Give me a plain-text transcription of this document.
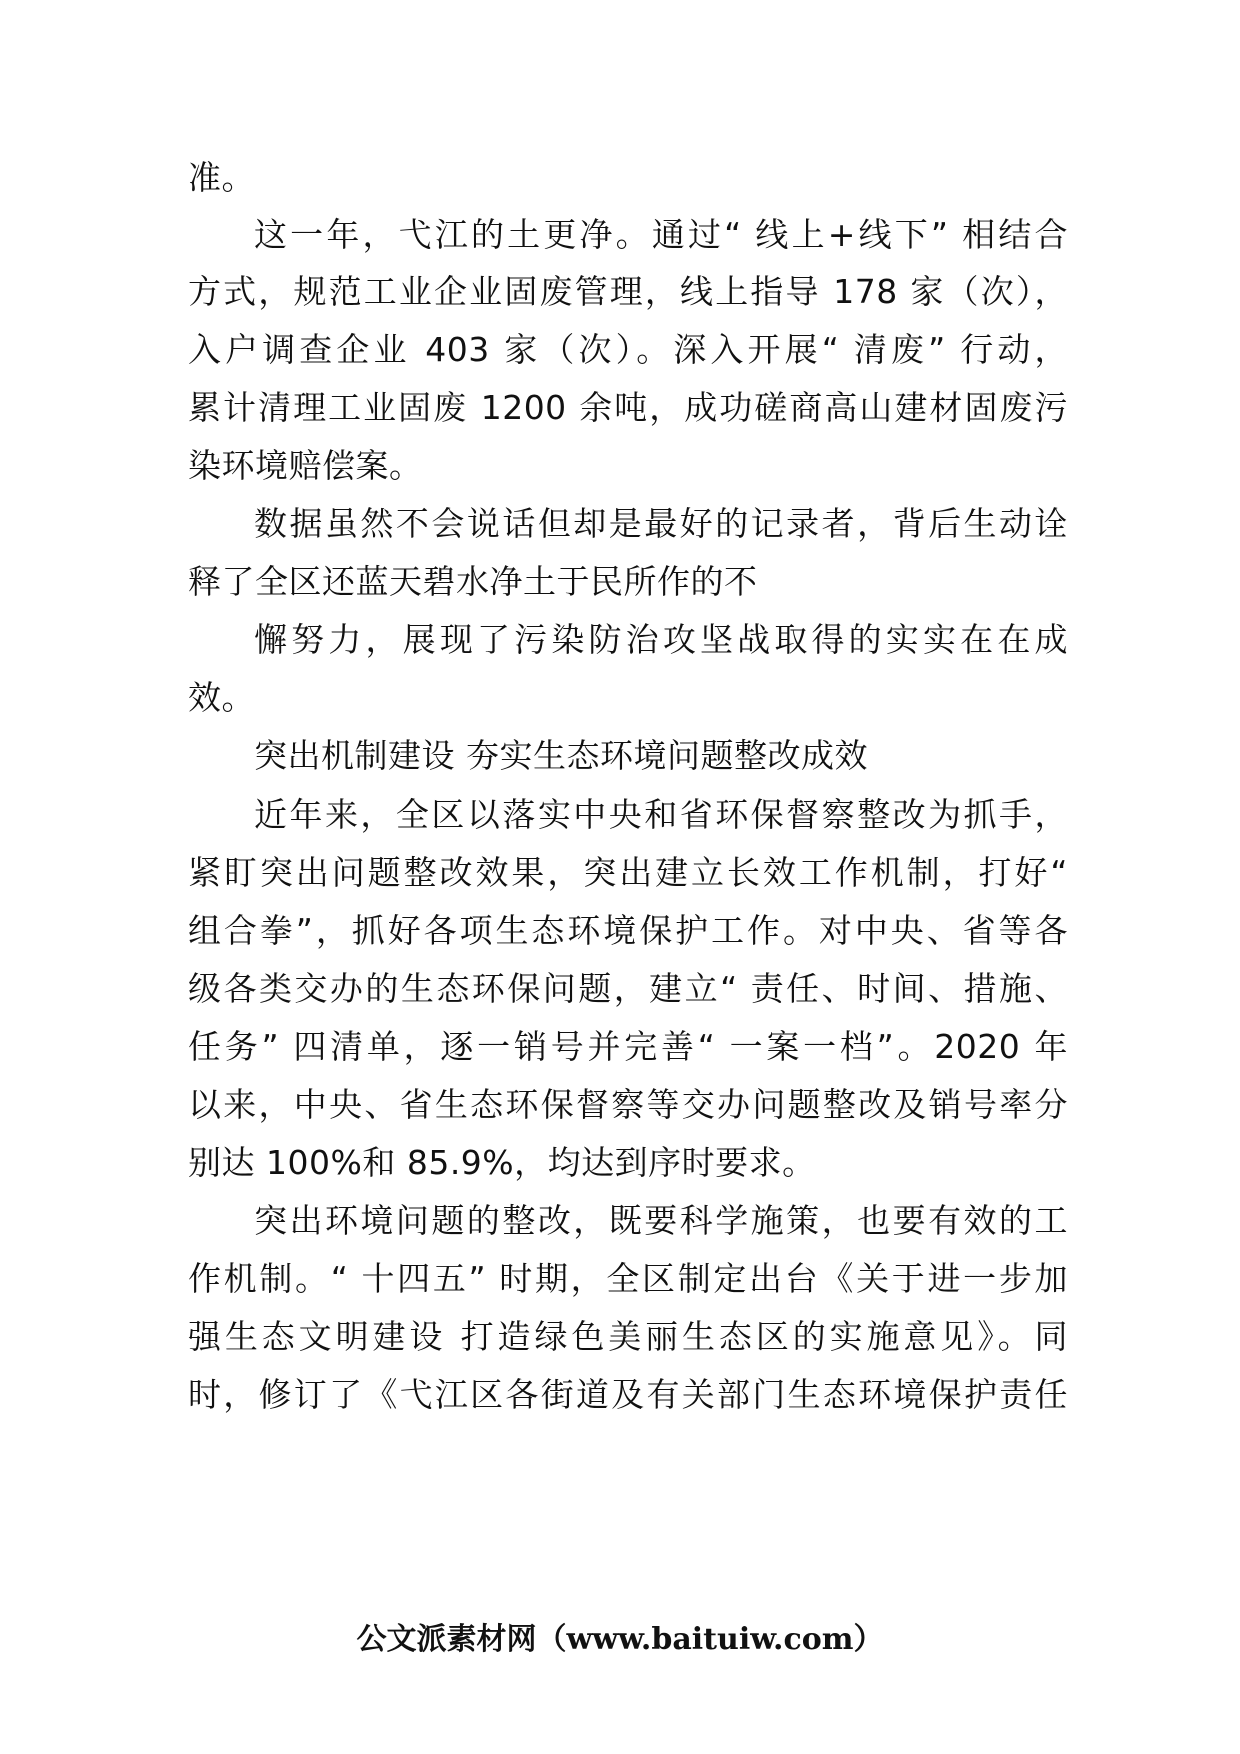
准。
这一年，弋江的土更净。通过“ 线上+线下” 相结合
方式，规范工业企业固废管理，线上指导 178 家（次），
入户调查企业 403 家（次）。深入开展“ 清废” 行动，
累计清理工业固废 1200 余吨，成功磋商高山建材固废污
染环境赔偿案。
数据虽然不会说话但却是最好的记录者，背后生动诠
释了全区还蓝天碧水净土于民所作的不
懈努力，展现了污染防治攻坚战取得的实实在在成
效。
突出机制建设 夯实生态环境问题整改成效
近年来，全区以落实中央和省环保督察整改为抓手，
紧盯突出问题整改效果，突出建立长效工作机制，打好“
组合拳”，抓好各项生态环境保护工作。对中央、省等各
级各类交办的生态环保问题，建立“ 责任、时间、措施、
任务” 四清单，逐一销号并完善“ 一案一档”。2020 年
以来，中央、省生态环保督察等交办问题整改及销号率分
别达 100%和 85.9%，均达到序时要求。
突出环境问题的整改，既要科学施策，也要有效的工
作机制。“ 十四五” 时期，全区制定出台《关于进一步加
强生态文明建设 打造绿色美丽生态区的实施意见》。同
时，修订了《弋江区各街道及有关部门生态环境保护责任
公文派素材网（www.baituiw.com）
